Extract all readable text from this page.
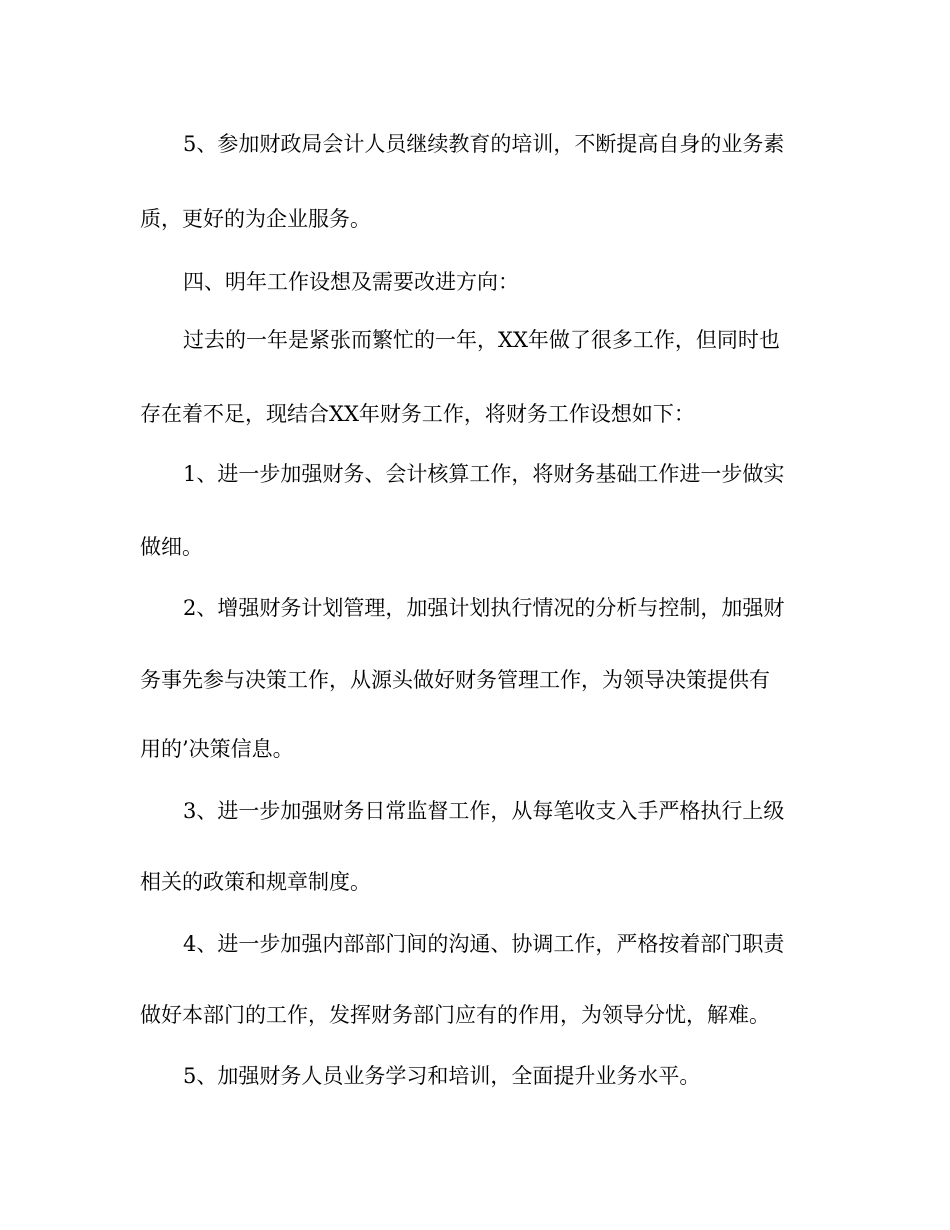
5、参加财政局会计人员继续教育的培训，不断提高自身的业务素
质，更好的为企业服务。
四、明年工作设想及需要改进方向：
过去的一年是紧张而繁忙的一年，XX年做了很多工作，但同时也
存在着不足，现结合XX年财务工作，将财务工作设想如下：
1、进一步加强财务、会计核算工作，将财务基础工作进一步做实
做细。
2、增强财务计划管理，加强计划执行情况的分析与控制，加强财
务事先参与决策工作，从源头做好财务管理工作，为领导决策提供有
用的’决策信息。
3、进一步加强财务日常监督工作，从每笔收支入手严格执行上级
相关的政策和规章制度。
4、进一步加强内部部门间的沟通、协调工作，严格按着部门职责
做好本部门的工作，发挥财务部门应有的作用，为领导分忧，解难。
5、加强财务人员业务学习和培训，全面提升业务水平。
